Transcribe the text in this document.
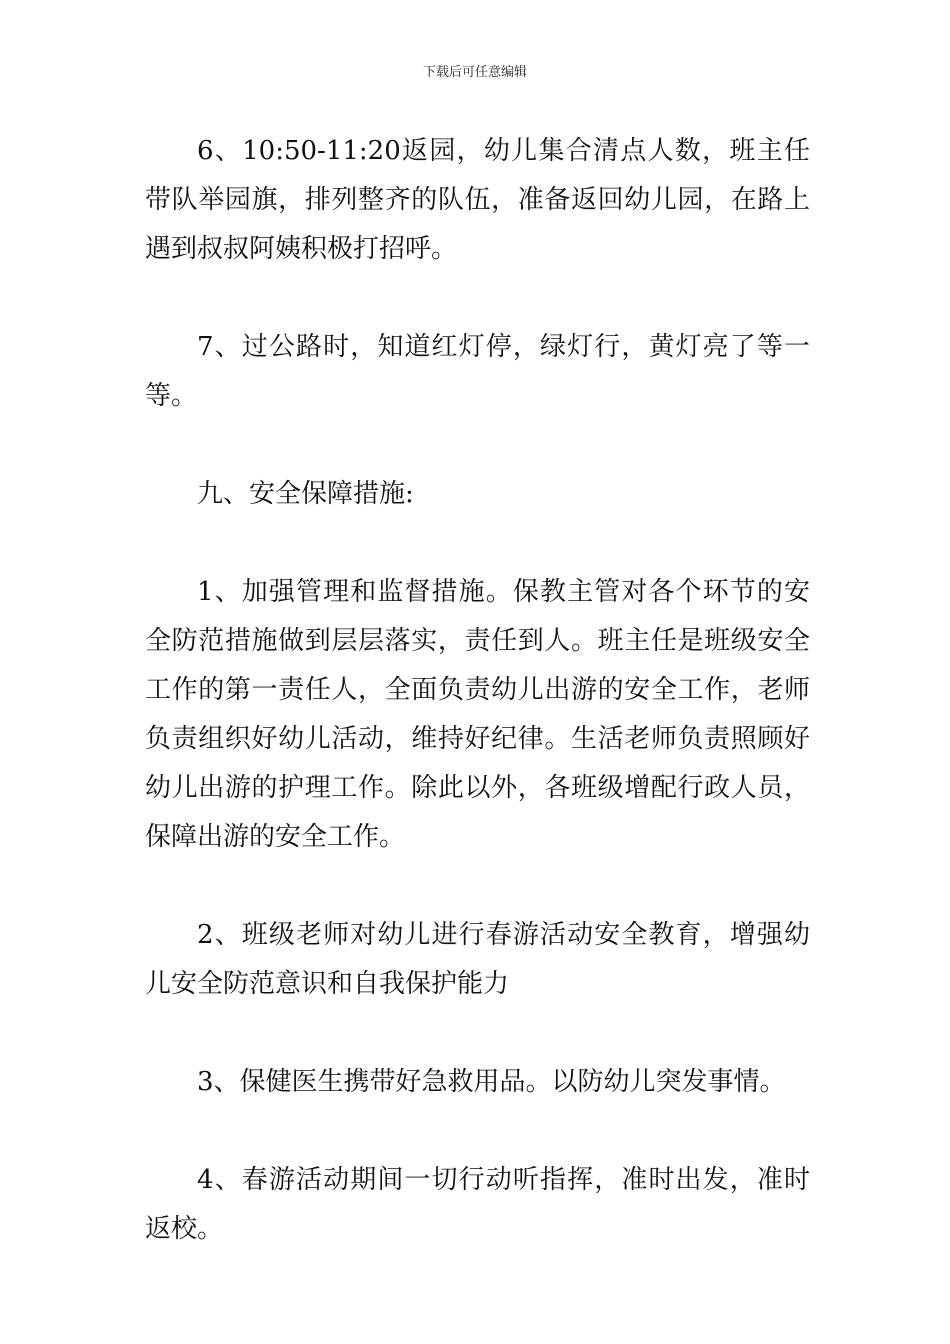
下载后可任意编辑

6、10:50-11:20返园，幼儿集合清点人数，班主任带队举园旗，排列整齐的队伍，准备返回幼儿园，在路上遇到叔叔阿姨积极打招呼。

7、过公路时，知道红灯停，绿灯行，黄灯亮了等一等。

九、安全保障措施:

1、加强管理和监督措施。保教主管对各个环节的安全防范措施做到层层落实，责任到人。班主任是班级安全工作的第一责任人，全面负责幼儿出游的安全工作，老师负责组织好幼儿活动，维持好纪律。生活老师负责照顾好幼儿出游的护理工作。除此以外，各班级增配行政人员，保障出游的安全工作。

2、班级老师对幼儿进行春游活动安全教育，增强幼儿安全防范意识和自我保护能力

3、保健医生携带好急救用品。以防幼儿突发事情。

4、春游活动期间一切行动听指挥，准时出发，准时返校。
